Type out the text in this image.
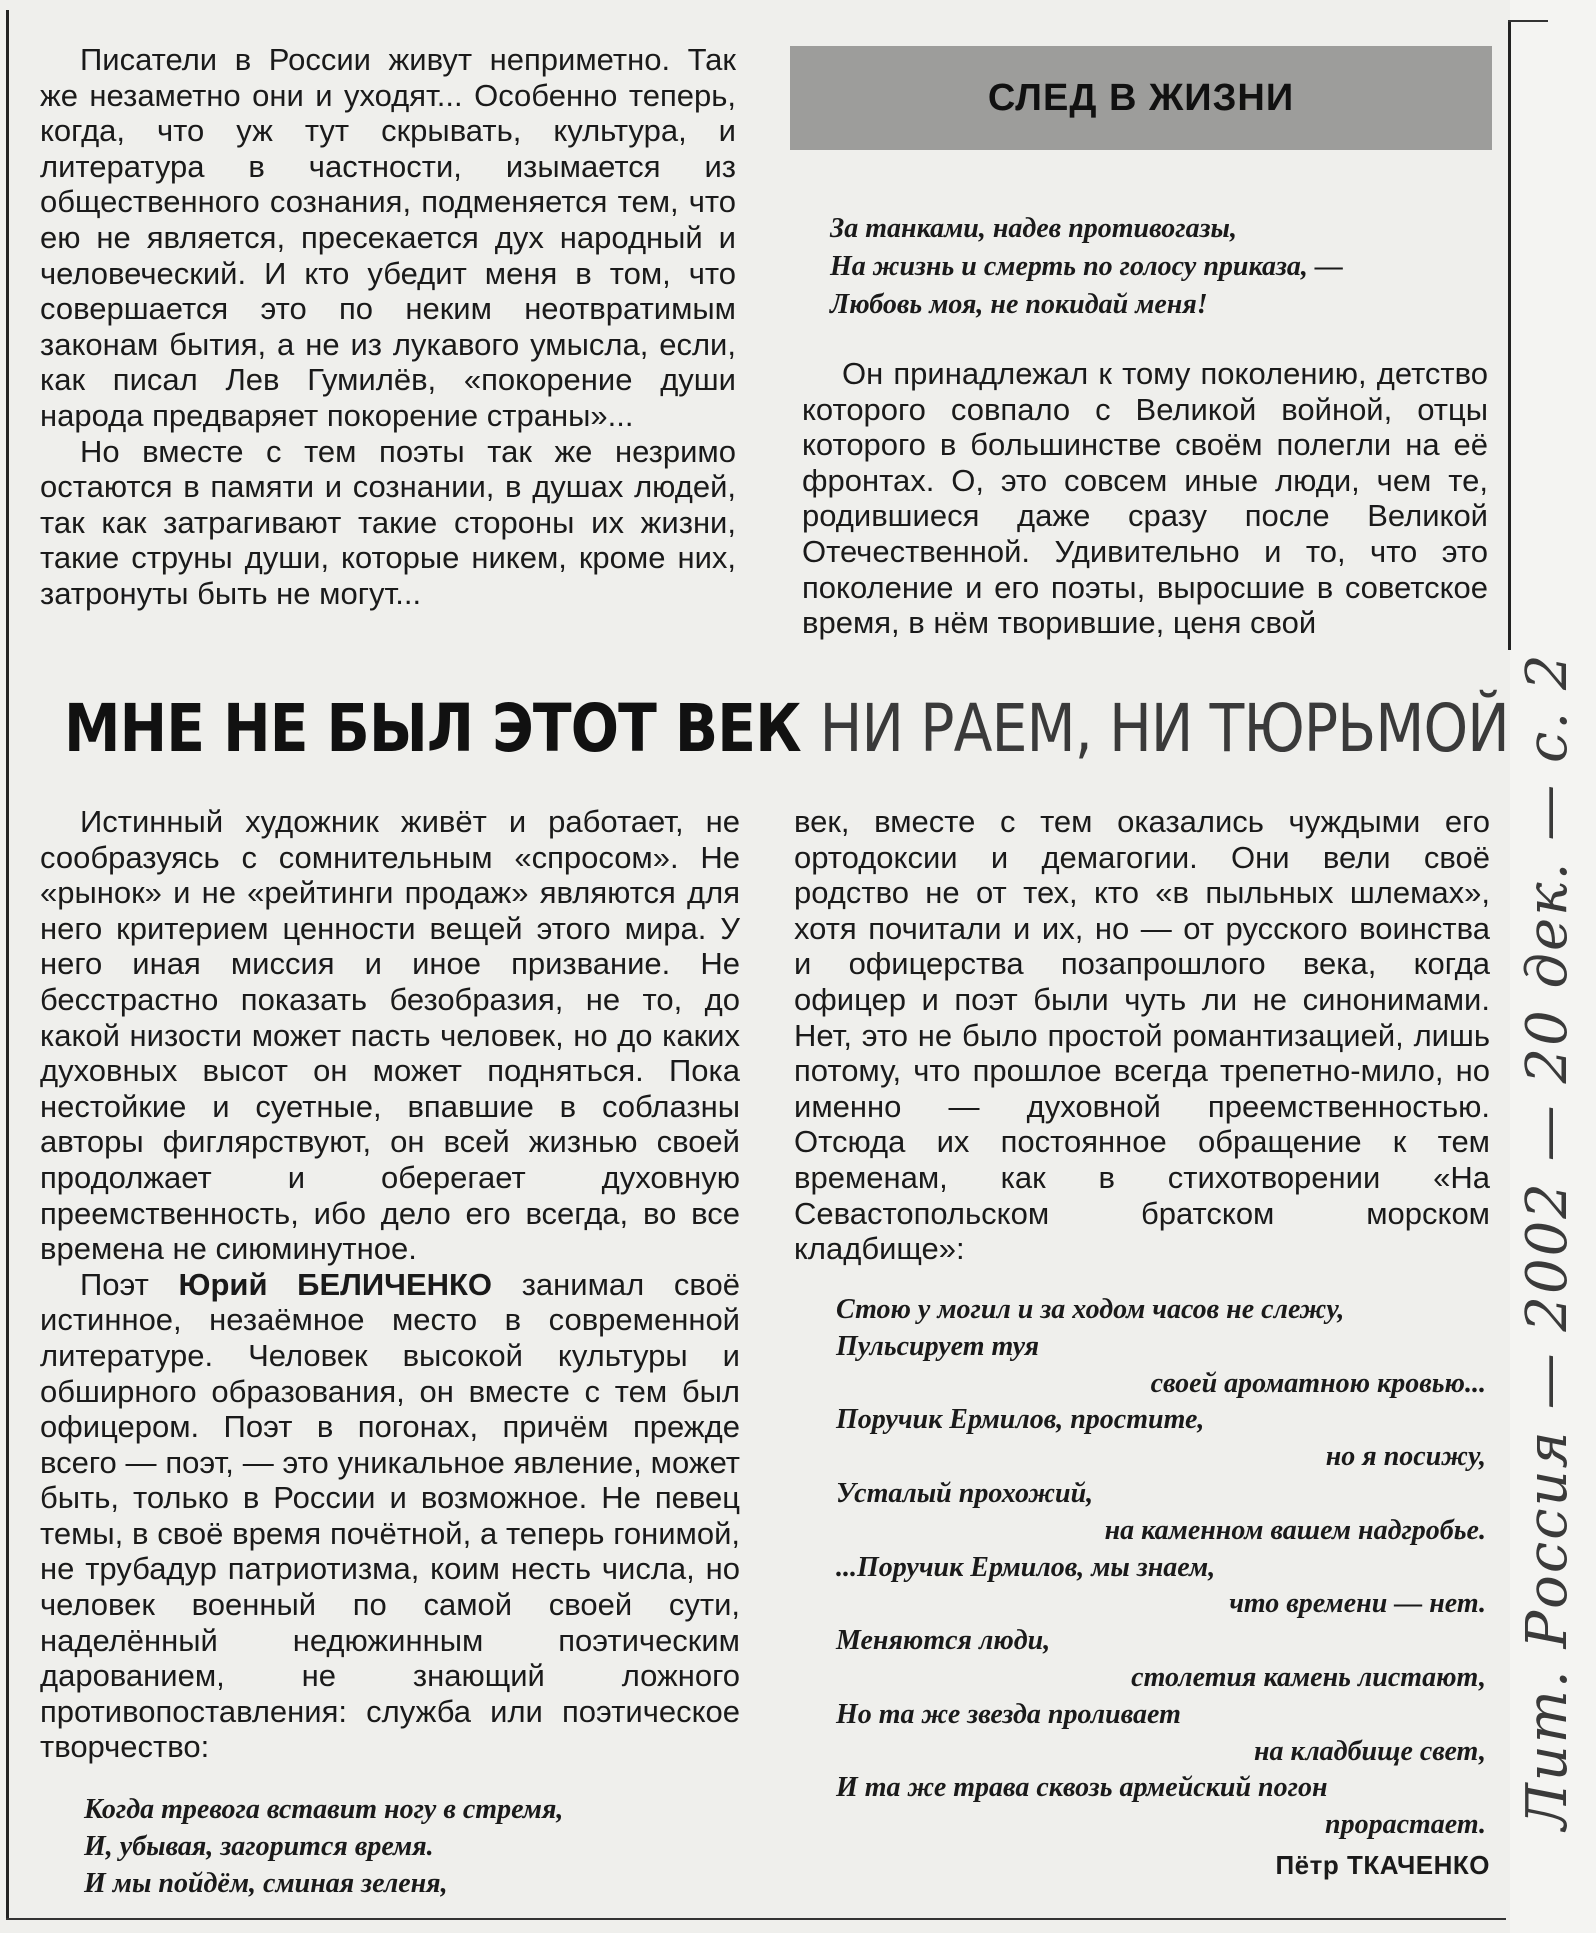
Писатели в России живут неприметно. Так же незаметно они и уходят... Особенно теперь, когда, что уж тут скрывать, культура, и литература в частности, изымается из общественного сознания, подменяется тем, что ею не является, пресекается дух народный и человеческий. И кто убедит меня в том, что совершается это по неким неотвратимым законам бытия, а не из лукавого умысла, если, как писал Лев Гумилёв, «покорение души народа предваряет покорение страны»...

Но вместе с тем поэты так же незримо остаются в памяти и сознании, в душах людей, так как затрагивают такие стороны их жизни, такие струны души, которые никем, кроме них, затронуты быть не могут...

СЛЕД В ЖИЗНИ
За танками, надев противогазы,
На жизнь и смерть по голосу приказа, —
Любовь моя, не покидай меня!

Он принадлежал к тому поколению, детство которого совпало с Великой войной, отцы которого в большинстве своём полегли на её фронтах. О, это совсем иные люди, чем те, родившиеся даже сразу после Великой Отечественной. Удивительно и то, что это поколение и его поэты, выросшие в советское время, в нём творившие, ценя свой

МНЕ НЕ БЫЛ ЭТОТ ВЕК НИ РАЕМ, НИ ТЮРЬМОЙ

Истинный художник живёт и работает, не сообразуясь с сомнительным «спросом». Не «рынок» и не «рейтинги продаж» являются для него критерием ценности вещей этого мира. У него иная миссия и иное призвание. Не бесстрастно показать безобразия, не то, до какой низости может пасть человек, но до каких духовных высот он может подняться. Пока нестойкие и суетные, впавшие в соблазны авторы фиглярствуют, он всей жизнью своей продолжает и оберегает духовную преемственность, ибо дело его всегда, во все времена не сиюминутное.

Поэт Юрий БЕЛИЧЕНКО занимал своё истинное, незаёмное место в современной литературе. Человек высокой культуры и обширного образования, он вместе с тем был офицером. Поэт в погонах, причём прежде всего — поэт, — это уникальное явление, может быть, только в России и возможное. Не певец темы, в своё время почётной, а теперь гонимой, не трубадур патриотизма, коим несть числа, но человек военный по самой своей сути, наделённый недюжинным поэтическим дарованием, не знающий ложного противопоставления: служба или поэтическое творчество:

Когда тревога вставит ногу в стремя,
И, убывая, загорится время.
И мы пойдём, сминая зеленя,

век, вместе с тем оказались чуждыми его ортодоксии и демагогии. Они вели своё родство не от тех, кто «в пыльных шлемах», хотя почитали и их, но — от русского воинства и офицерства позапрошлого века, когда офицер и поэт были чуть ли не синонимами. Нет, это не было простой романтизацией, лишь потому, что прошлое всегда трепетно-мило, но именно — духовной преемственностью. Отсюда их постоянное обращение к тем временам, как в стихотворении «На Севастопольском братском морском кладбище»:

Стою у могил и за ходом часов не слежу,
Пульсирует туя
своей ароматною кровью...
Поручик Ермилов, простите,
но я посижу,
Усталый прохожий,
на каменном вашем надгробье.
...Поручик Ермилов, мы знаем,
что времени — нет.
Меняются люди,
столетия камень листают,
Но та же звезда проливает
на кладбище свет,
И та же трава сквозь армейский погон
прорастает.
Пётр ТКАЧЕНКО
Лит. Россия — 2002 — 20 дек. — с. 2
